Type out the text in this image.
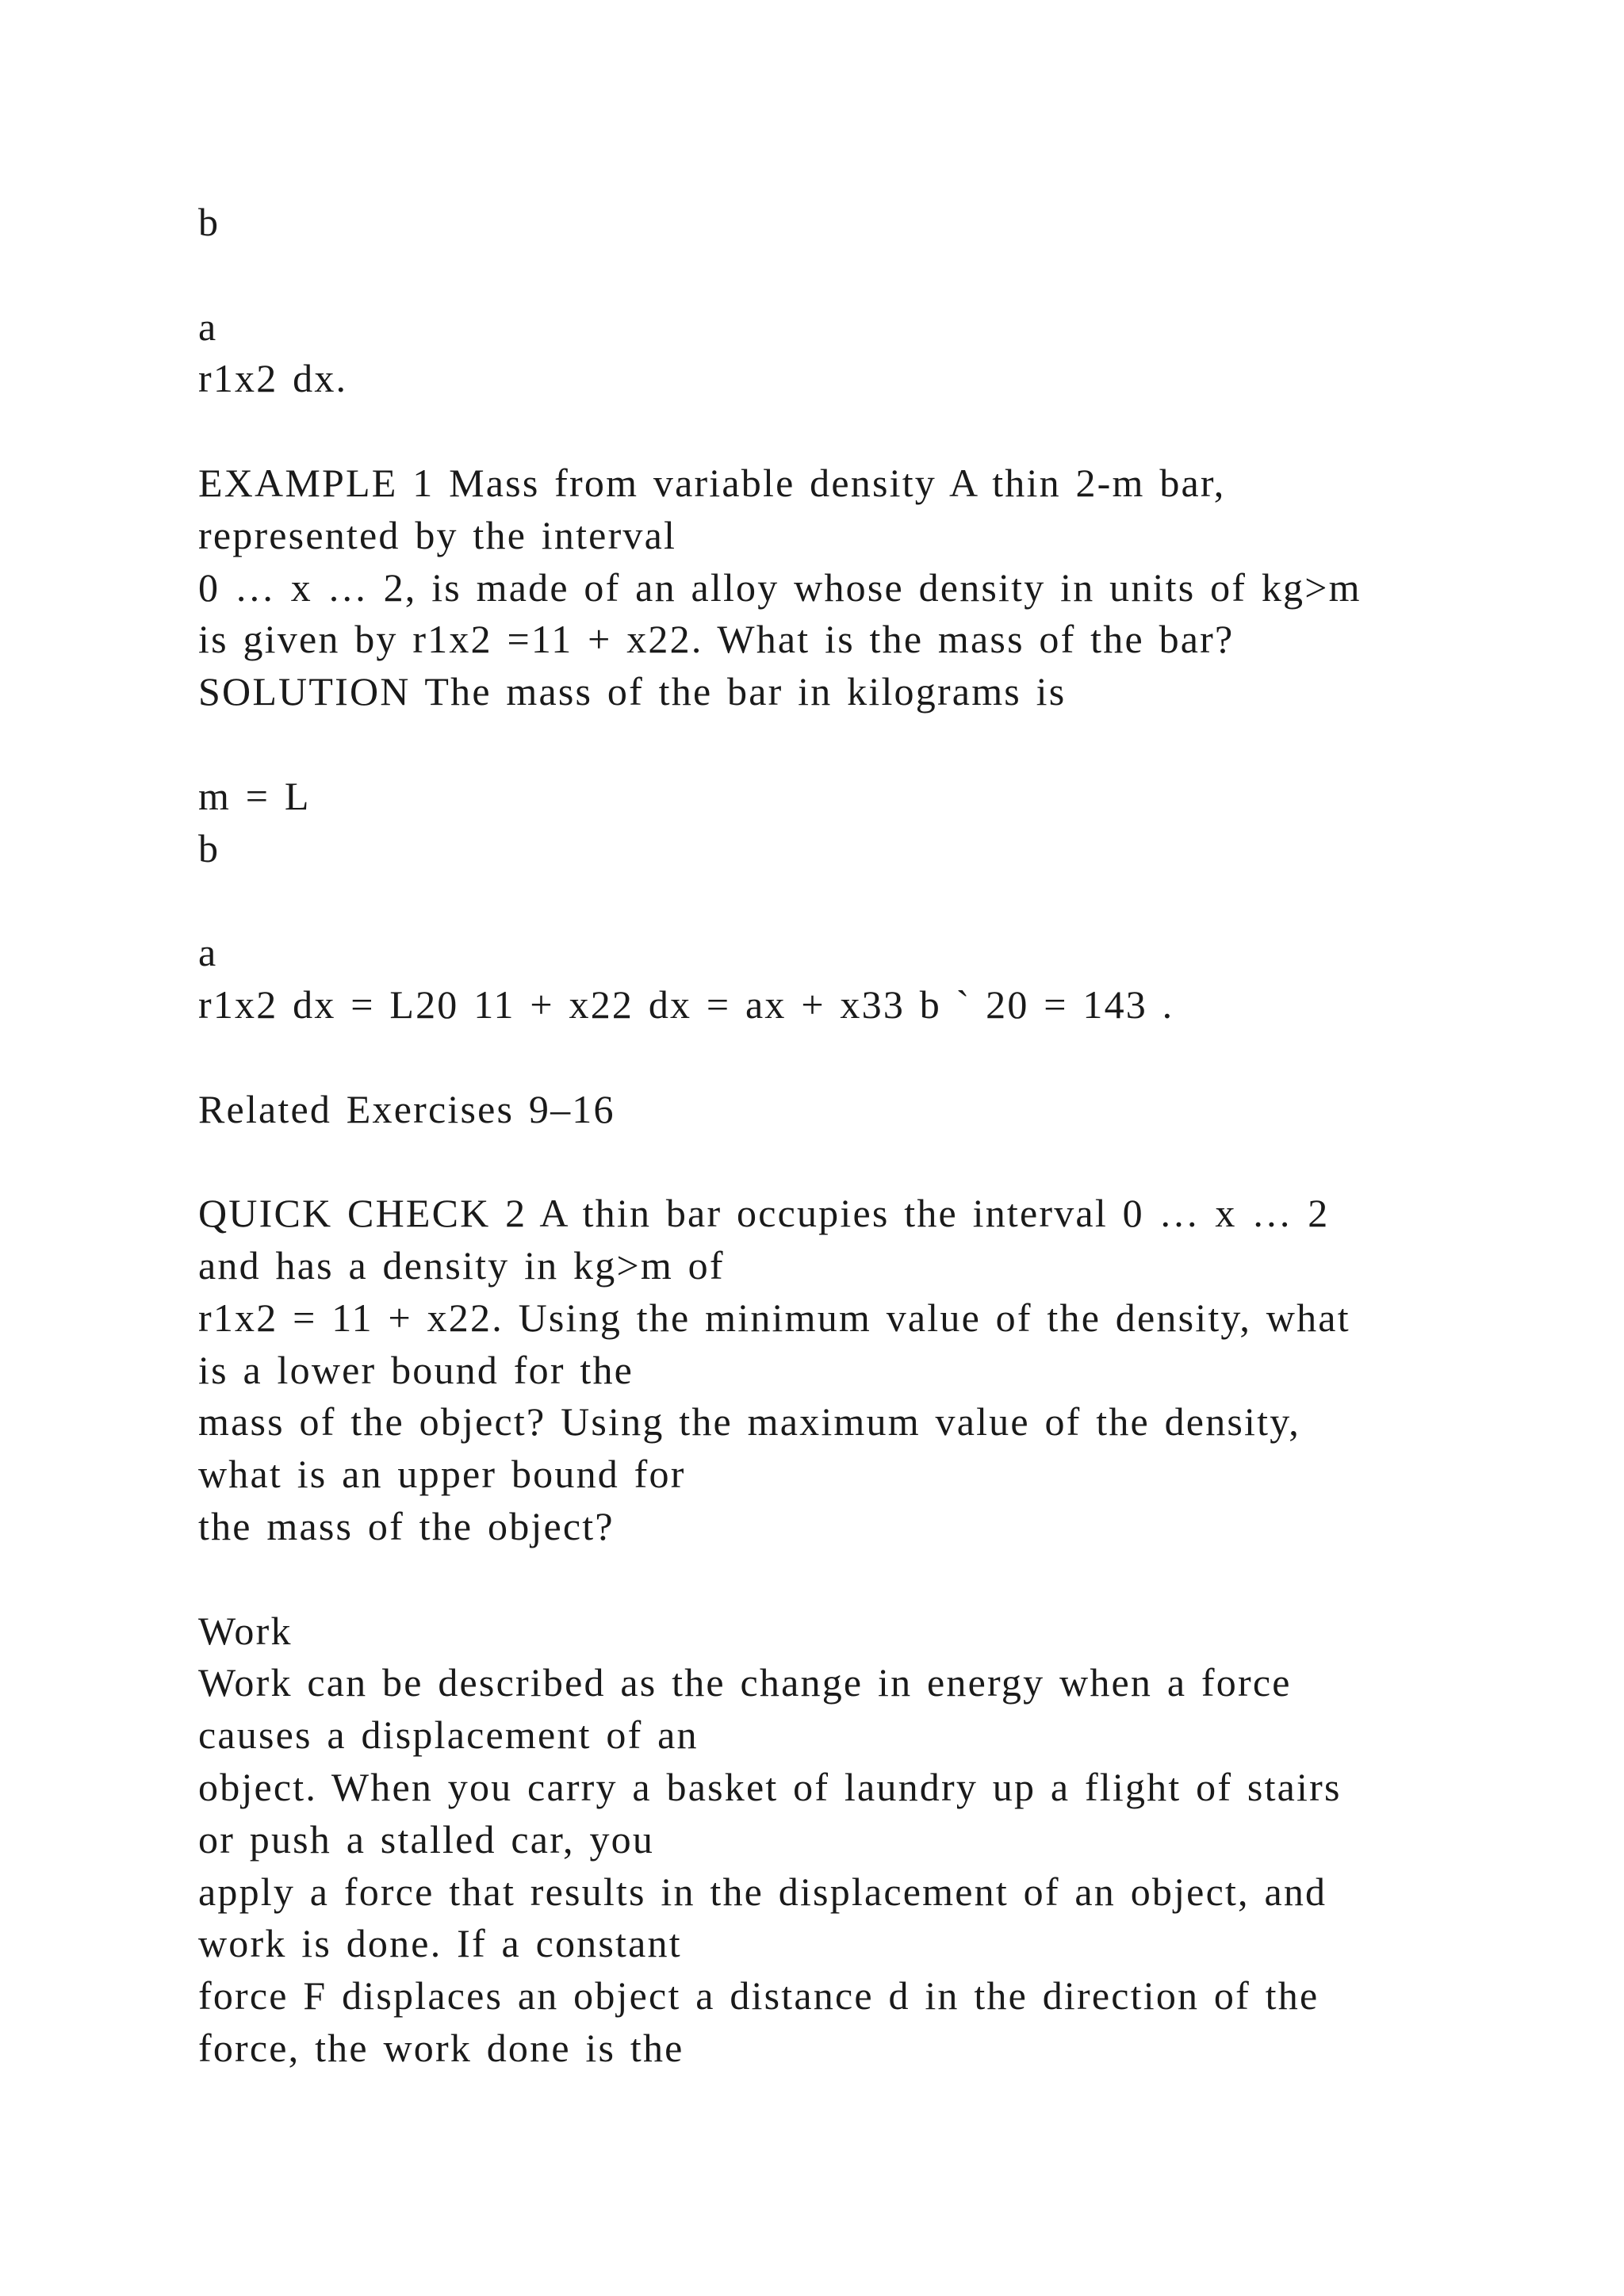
b
a
r1x2 dx.
EXAMPLE 1 Mass from variable density A thin 2-m bar,
represented by the interval
0 … x … 2, is made of an alloy whose density in units of kg>m
is given by r1x2 =11 + x22. What is the mass of the bar?
SOLUTION The mass of the bar in kilograms is
m = L
b
a
r1x2 dx = L20 11 + x22 dx = ax + x33 b ` 20 = 143 .
Related Exercises 9–16
QUICK CHECK 2 A thin bar occupies the interval 0 … x … 2
and has a density in kg>m of
r1x2 = 11 + x22. Using the minimum value of the density, what
is a lower bound for the
mass of the object? Using the maximum value of the density,
what is an upper bound for
the mass of the object?
Work
Work can be described as the change in energy when a force
causes a displacement of an
object. When you carry a basket of laundry up a flight of stairs
or push a stalled car, you
apply a force that results in the displacement of an object, and
work is done. If a constant
force F displaces an object a distance d in the direction of the
force, the work done is the
